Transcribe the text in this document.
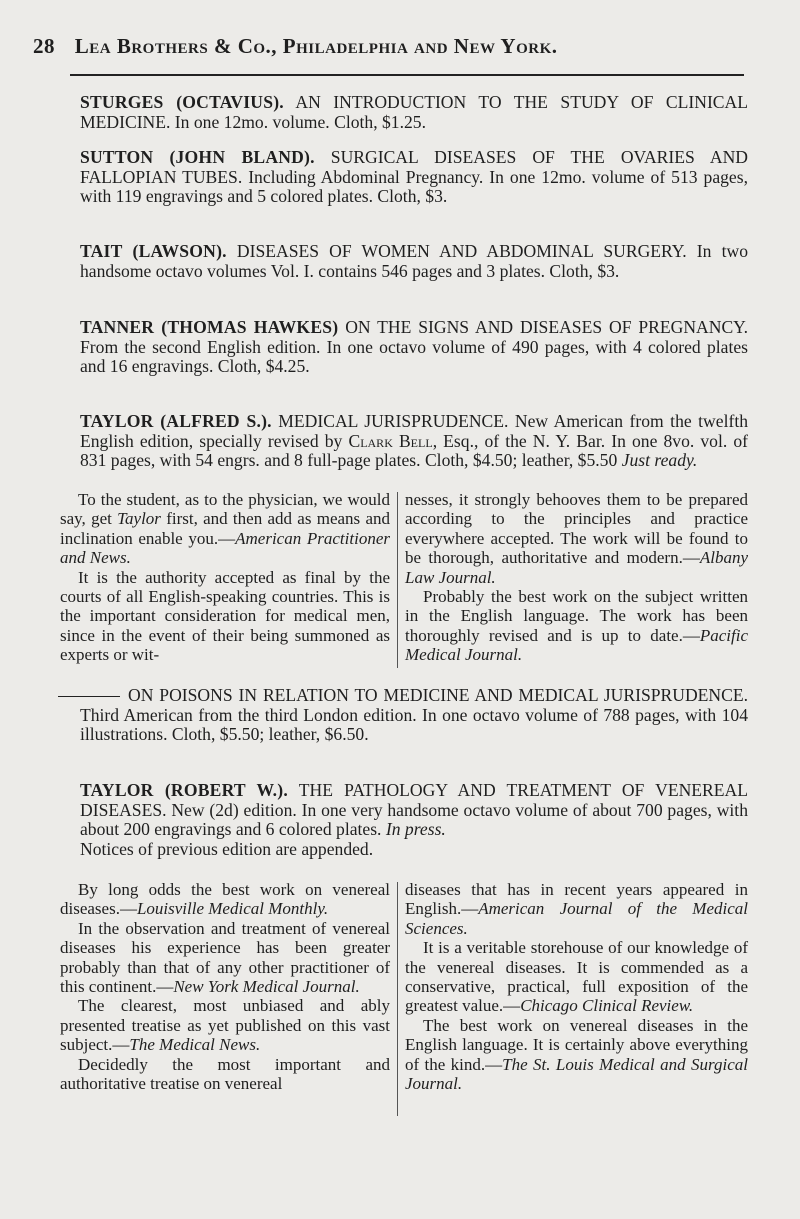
28 Lea Brothers & Co., Philadelphia and New York.

STURGES (OCTAVIUS). AN INTRODUCTION TO THE STUDY OF CLINICAL MEDICINE. In one 12mo. volume. Cloth, $1.25.

SUTTON (JOHN BLAND). SURGICAL DISEASES OF THE OVARIES AND FALLOPIAN TUBES. Including Abdominal Pregnancy. In one 12mo. volume of 513 pages, with 119 engravings and 5 colored plates. Cloth, $3.

TAIT (LAWSON). DISEASES OF WOMEN AND ABDOMINAL SURGERY. In two handsome octavo volumes Vol. I. contains 546 pages and 3 plates. Cloth, $3.

TANNER (THOMAS HAWKES) ON THE SIGNS AND DISEASES OF PREGNANCY. From the second English edition. In one octavo volume of 490 pages, with 4 colored plates and 16 engravings. Cloth, $4.25.

TAYLOR (ALFRED S.). MEDICAL JURISPRUDENCE. New American from the twelfth English edition, specially revised by Clark Bell, Esq., of the N. Y. Bar. In one 8vo. vol. of 831 pages, with 54 engrs. and 8 full-page plates. Cloth, $4.50; leather, $5.50 Just ready.

To the student, as to the physician, we would say, get Taylor first, and then add as means and inclination enable you.—American Practitioner and News.

It is the authority accepted as final by the courts of all English-speaking countries. This is the important consideration for medical men, since in the event of their being summoned as experts or wit-

nesses, it strongly behooves them to be prepared according to the principles and practice everywhere accepted. The work will be found to be thorough, authoritative and modern.—Albany Law Journal.

Probably the best work on the subject written in the English language. The work has been thoroughly revised and is up to date.—Pacific Medical Journal.

ON POISONS IN RELATION TO MEDICINE AND MEDICAL JURISPRUDENCE. Third American from the third London edition. In one octavo volume of 788 pages, with 104 illustrations. Cloth, $5.50; leather, $6.50.

TAYLOR (ROBERT W.). THE PATHOLOGY AND TREATMENT OF VENEREAL DISEASES. New (2d) edition. In one very handsome octavo volume of about 700 pages, with about 200 engravings and 6 colored plates. In press.

Notices of previous edition are appended.

By long odds the best work on venereal diseases.—Louisville Medical Monthly.

In the observation and treatment of venereal diseases his experience has been greater probably than that of any other practitioner of this continent.—New York Medical Journal.

The clearest, most unbiased and ably presented treatise as yet published on this vast subject.—The Medical News.

Decidedly the most important and authoritative treatise on venereal

diseases that has in recent years appeared in English.—American Journal of the Medical Sciences.

It is a veritable storehouse of our knowledge of the venereal diseases. It is commended as a conservative, practical, full exposition of the greatest value.—Chicago Clinical Review.

The best work on venereal diseases in the English language. It is certainly above everything of the kind.—The St. Louis Medical and Surgical Journal.
